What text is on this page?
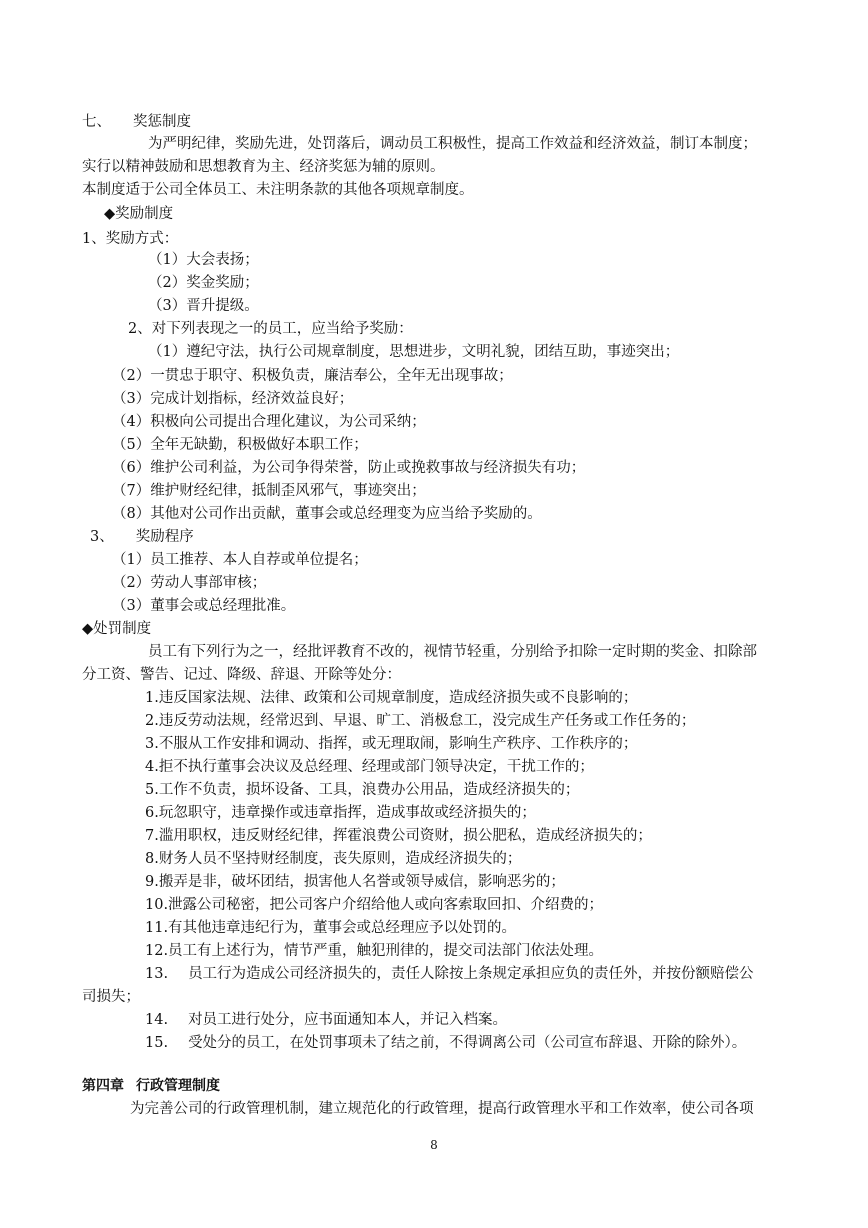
七、 奖惩制度
为严明纪律，奖励先进，处罚落后，调动员工积极性，提高工作效益和经济效益，制订本制度；
实行以精神鼓励和思想教育为主、经济奖惩为辅的原则。
本制度适于公司全体员工、未注明条款的其他各项规章制度。
◆奖励制度
1、奖励方式：
（1）大会表扬；
（2）奖金奖励；
（3）晋升提级。
2、对下列表现之一的员工，应当给予奖励：
（1）遵纪守法，执行公司规章制度，思想进步，文明礼貌，团结互助，事迹突出；
（2）一贯忠于职守、积极负责，廉洁奉公，全年无出现事故；
（3）完成计划指标，经济效益良好；
（4）积极向公司提出合理化建议，为公司采纳；
（5）全年无缺勤，积极做好本职工作；
（6）维护公司利益，为公司争得荣誉，防止或挽救事故与经济损失有功；
（7）维护财经纪律，抵制歪风邪气，事迹突出；
（8）其他对公司作出贡献，董事会或总经理变为应当给予奖励的。
3、 奖励程序
（1）员工推荐、本人自荐或单位提名；
（2）劳动人事部审核；
（3）董事会或总经理批准。
◆处罚制度
员工有下列行为之一，经批评教育不改的，视情节轻重，分别给予扣除一定时期的奖金、扣除部
分工资、警告、记过、降级、辞退、开除等处分：
1.违反国家法规、法律、政策和公司规章制度，造成经济损失或不良影响的；
2.违反劳动法规，经常迟到、早退、旷工、消极怠工，没完成生产任务或工作任务的；
3.不服从工作安排和调动、指挥，或无理取闹，影响生产秩序、工作秩序的；
4.拒不执行董事会决议及总经理、经理或部门领导决定，干扰工作的；
5.工作不负责，损坏设备、工具，浪费办公用品，造成经济损失的；
6.玩忽职守，违章操作或违章指挥，造成事故或经济损失的；
7.滥用职权，违反财经纪律，挥霍浪费公司资财，损公肥私，造成经济损失的；
8.财务人员不坚持财经制度，丧失原则，造成经济损失的；
9.搬弄是非，破坏团结，损害他人名誉或领导威信，影响恶劣的；
10.泄露公司秘密，把公司客户介绍给他人或向客索取回扣、介绍费的；
11.有其他违章违纪行为，董事会或总经理应予以处罚的。
12.员工有上述行为，情节严重，触犯刑律的，提交司法部门依法处理。
13. 员工行为造成公司经济损失的，责任人除按上条规定承担应负的责任外，并按份额赔偿公
司损失；
14. 对员工进行处分，应书面通知本人，并记入档案。
15. 受处分的员工，在处罚事项未了结之前，不得调离公司（公司宣布辞退、开除的除外）。
第四章 行政管理制度
为完善公司的行政管理机制，建立规范化的行政管理，提高行政管理水平和工作效率，使公司各项
8
